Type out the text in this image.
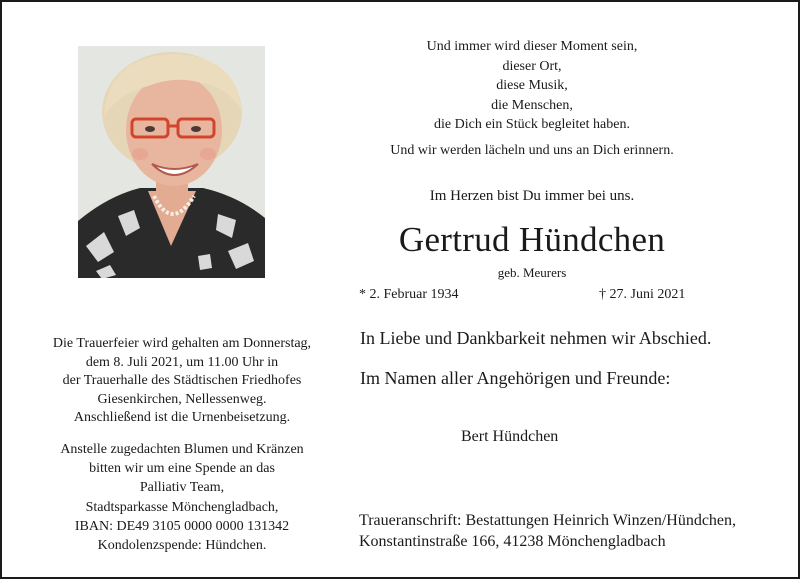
Und immer wird dieser Moment sein,
dieser Ort,
diese Musik,
die Menschen,
die Dich ein Stück begleitet haben.
Und wir werden lächeln und uns an Dich erinnern.
Im Herzen bist Du immer bei uns.
Gertrud Hündchen
geb. Meurers
* 2. Februar 1934	† 27. Juni 2021
In Liebe und Dankbarkeit nehmen wir Abschied.
Im Namen aller Angehörigen und Freunde:
Bert Hündchen
Traueranschrift: Bestattungen Heinrich Winzen/Hündchen,
Konstantinstraße 166, 41238 Mönchengladbach
Die Trauerfeier wird gehalten am Donnerstag,
dem 8. Juli 2021, um 11.00 Uhr in
der Trauerhalle des Städtischen Friedhofes
Giesenkirchen, Nellessenweg.
Anschließend ist die Urnenbeisetzung.
Anstelle zugedachten Blumen und Kränzen
bitten wir um eine Spende an das
Palliativ Team,
Stadtsparkasse Mönchengladbach,
IBAN: DE49 3105 0000 0000 131342
Kondolenzspende: Hündchen.
